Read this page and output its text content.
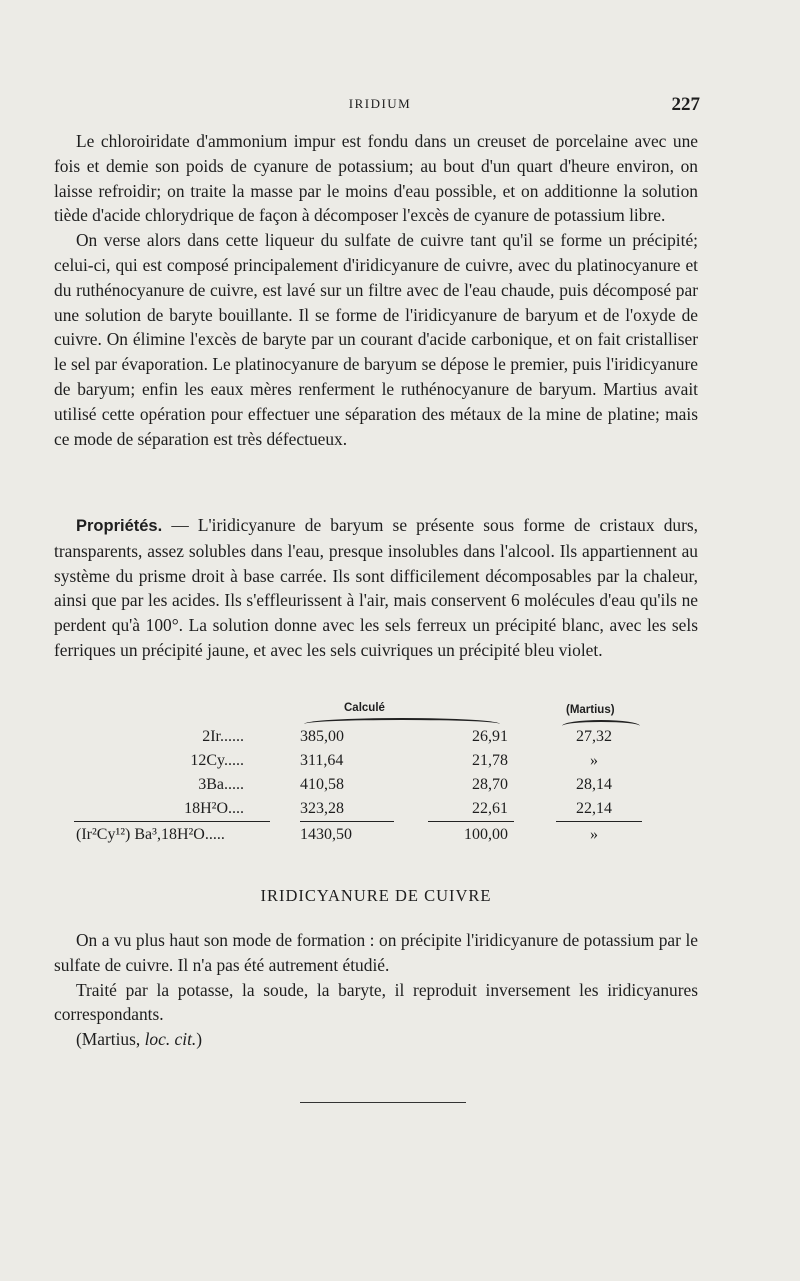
IRIDIUM	227

Le chloroiridate d'ammonium impur est fondu dans un creuset de porcelaine avec une fois et demie son poids de cyanure de potassium; au bout d'un quart d'heure environ, on laisse refroidir; on traite la masse par le moins d'eau possible, et on additionne la solution tiède d'acide chlorydrique de façon à décomposer l'excès de cyanure de potassium libre.

On verse alors dans cette liqueur du sulfate de cuivre tant qu'il se forme un précipité; celui-ci, qui est composé principalement d'iridicyanure de cuivre, avec du platinocyanure et du ruthénocyanure de cuivre, est lavé sur un filtre avec de l'eau chaude, puis décomposé par une solution de baryte bouillante. Il se forme de l'iridicyanure de baryum et de l'oxyde de cuivre. On élimine l'excès de baryte par un courant d'acide carbonique, et on fait cristalliser le sel par évaporation. Le platinocyanure de baryum se dépose le premier, puis l'iridicyanure de baryum; enfin les eaux mères renferment le ruthénocyanure de baryum. Martius avait utilisé cette opération pour effectuer une séparation des métaux de la mine de platine; mais ce mode de séparation est très défectueux.

Propriétés. — L'iridicyanure de baryum se présente sous forme de cristaux durs, transparents, assez solubles dans l'eau, presque insolubles dans l'alcool. Ils appartiennent au système du prisme droit à base carrée. Ils sont difficilement décomposables par la chaleur, ainsi que par les acides. Ils s'effleurissent à l'air, mais conservent 6 molécules d'eau qu'ils ne perdent qu'à 100°. La solution donne avec les sels ferreux un précipité blanc, avec les sels ferriques un précipité jaune, et avec les sels cuivriques un précipité bleu violet.

Calculé	(Martius)
2Ir......	385,00	26,91	27,32
12Cy.....	311,64	21,78	»
3Ba.....	410,58	28,70	28,14
18H²O....	323,28	22,61	22,14
(Ir²Cy¹²) Ba³,18H²O.....	1430,50	100,00	»
IRIDICYANURE DE CUIVRE

On a vu plus haut son mode de formation : on précipite l'iridicyanure de potassium par le sulfate de cuivre. Il n'a pas été autrement étudié.

Traité par la potasse, la soude, la baryte, il reproduit inversement les iridicyanures correspondants.

(Martius, loc. cit.)
